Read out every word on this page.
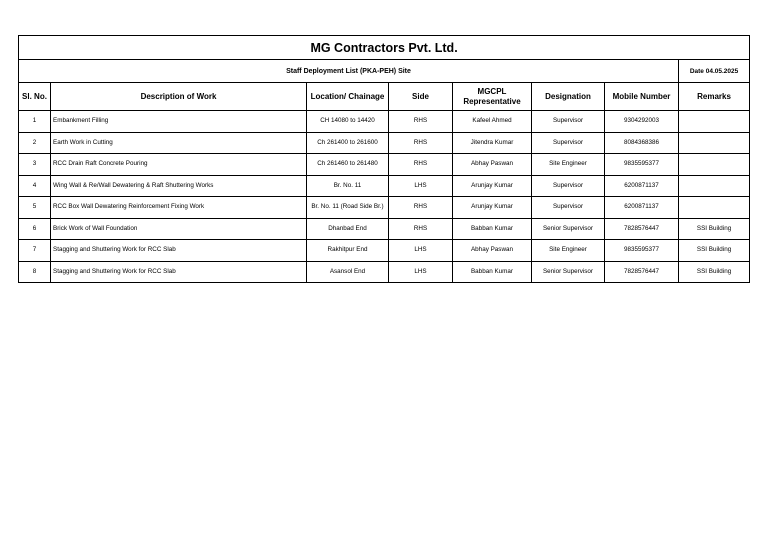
MG Contractors Pvt. Ltd.							
Staff Deployment List (PKA-PEH) Site							Date 04.05.2025
Sl. No.	Description of Work	Location/ Chainage	Side	MGCPL Representative	Designation	Mobile Number	Remarks
1	Embankment Filling	CH 14080 to 14420	RHS	Kafeel Ahmed	Supervisor	9304292003	
2	Earth Work in Cutting	Ch 261400 to 261600	RHS	Jitendra Kumar	Supervisor	8084368386	
3	RCC Drain Raft Concrete Pouring	Ch 261460 to 261480	RHS	Abhay Paswan	Site Engineer	9835595377	
4	Wing Wall & Re/Wall Dewatering & Raft Shuttering Works	Br. No. 11	LHS	Arunjay Kumar	Supervisor	6200871137	
5	RCC Box Wall Dewatering Reinforcement Fixing Work	Br. No. 11 (Road Side Br.)	RHS	Arunjay Kumar	Supervisor	6200871137	
6	Brick Work of Wall Foundation	Dhanbad End	RHS	Babban Kumar	Senior Supervisor	7828576447	SSI Building
7	Stagging and Shuttering Work for RCC Slab	Rakhitpur End	LHS	Abhay Paswan	Site Engineer	9835595377	SSI Building
8	Stagging and Shuttering Work for RCC Slab	Asansol End	LHS	Babban Kumar	Senior Supervisor	7828576447	SSI Building
